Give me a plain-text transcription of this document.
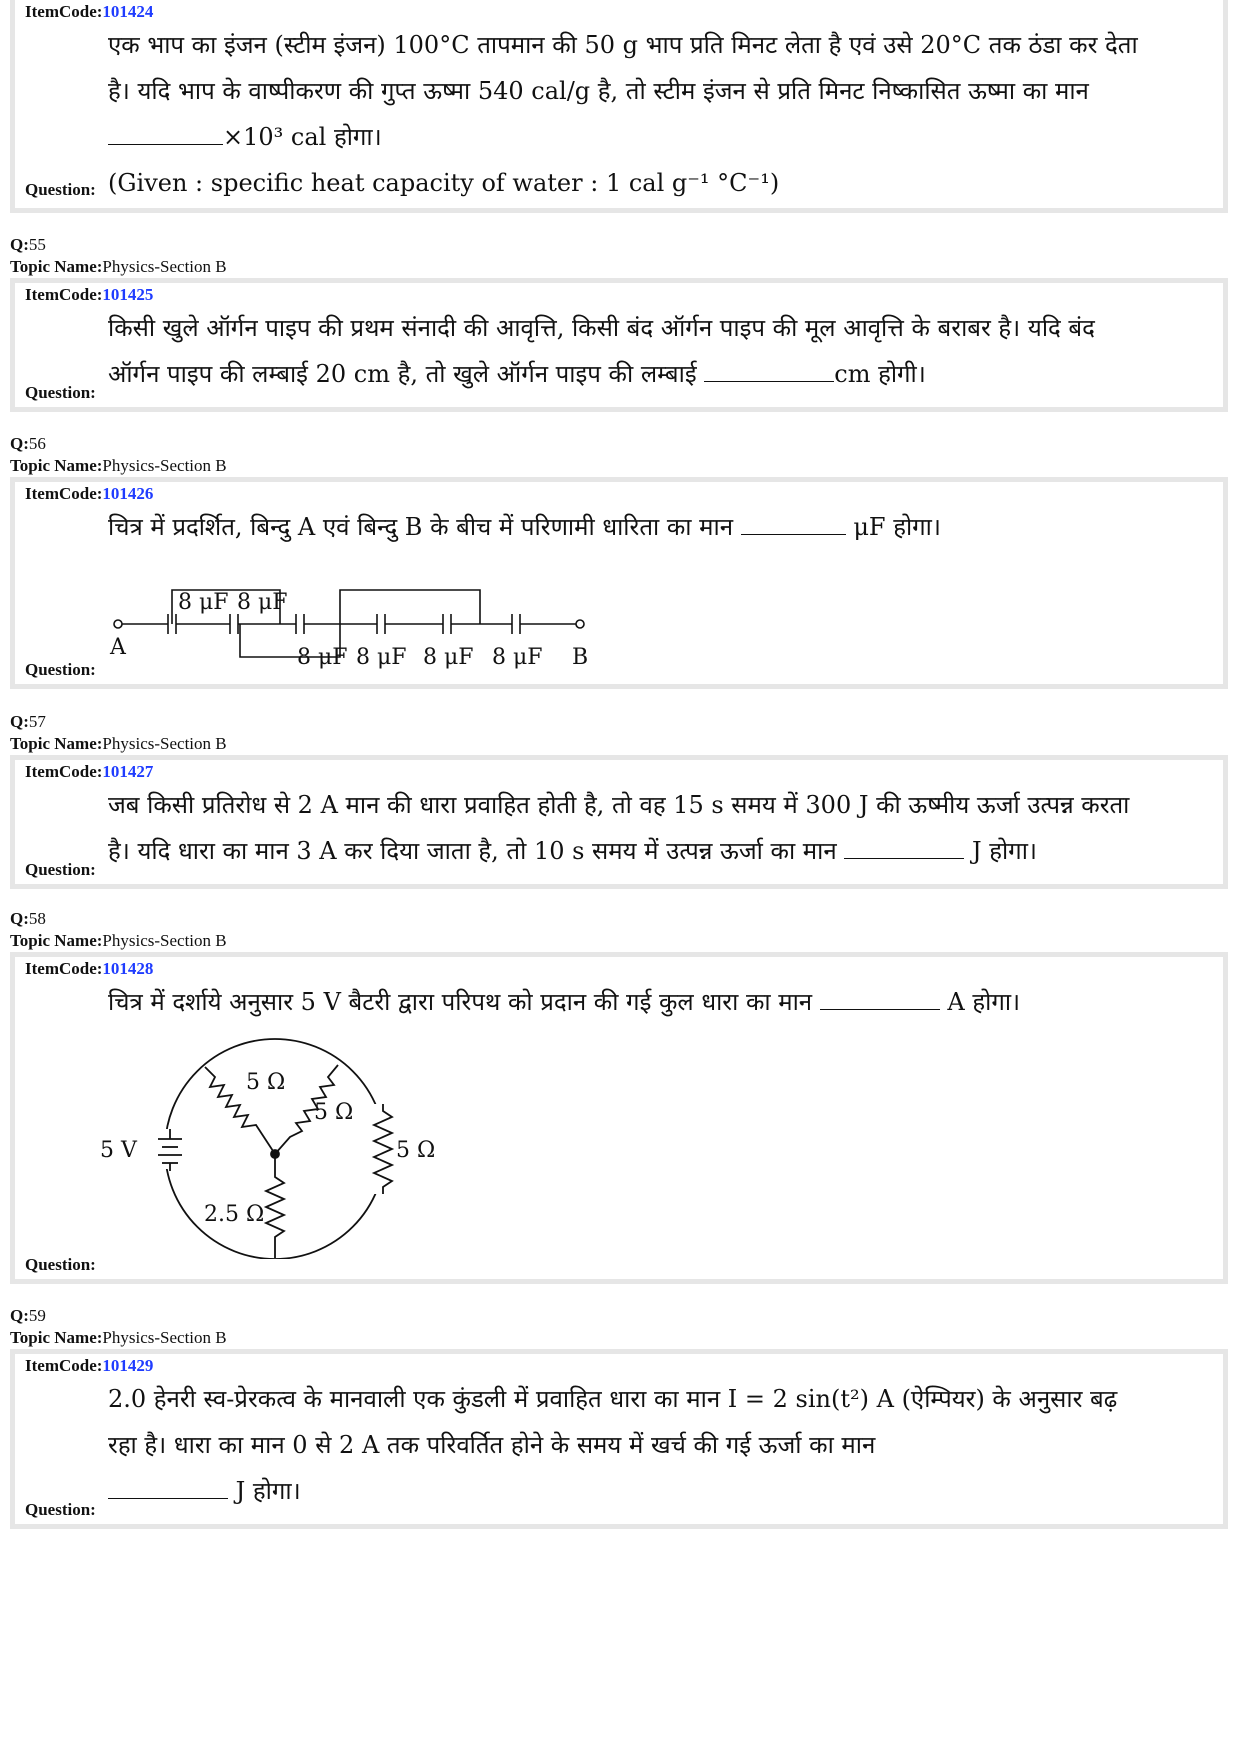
ItemCode:101424

एक भाप का इंजन (स्टीम इंजन) 100°C तापमान की 50 g भाप प्रति मिनट लेता है एवं उसे 20°C तक ठंडा कर देता

है। यदि भाप के वाष्पीकरण की गुप्त ऊष्मा 540 cal/g है, तो स्टीम इंजन से प्रति मिनट निष्कासित ऊष्मा का मान

×10³ cal होगा।

(Given : specific heat capacity of water : 1 cal g⁻¹ °C⁻¹)

Question:
Q:55
Topic Name:Physics-Section B
ItemCode:101425

किसी खुले ऑर्गन पाइप की प्रथम संनादी की आवृत्ति, किसी बंद ऑर्गन पाइप की मूल आवृत्ति के बराबर है। यदि बंद

ऑर्गन पाइप की लम्बाई 20 cm है, तो खुले ऑर्गन पाइप की लम्बाई	cm होगी।

Question:
Q:56
Topic Name:Physics-Section B
ItemCode:101426

चित्र में प्रदर्शित, बिन्दु A एवं बिन्दु B के बीच में परिणामी धारिता का मान	μF होगा।

8 μF 8 μF
8 μF 8 μF 8 μF 8 μF
A	B
Question:
Q:57
Topic Name:Physics-Section B
ItemCode:101427

जब किसी प्रतिरोध से 2 A मान की धारा प्रवाहित होती है, तो वह 15 s समय में 300 J की ऊष्मीय ऊर्जा उत्पन्न करता

है। यदि धारा का मान 3 A कर दिया जाता है, तो 10 s समय में उत्पन्न ऊर्जा का मान	J होगा।

Question:
Q:58
Topic Name:Physics-Section B
ItemCode:101428

चित्र में दर्शाये अनुसार 5 V बैटरी द्वारा परिपथ को प्रदान की गई कुल धारा का मान	A होगा।

5 V
5 Ω
5 Ω
5 Ω
2.5 Ω
Question:
Q:59
Topic Name:Physics-Section B
ItemCode:101429

2.0 हेनरी स्व-प्रेरकत्व के मानवाली एक कुंडली में प्रवाहित धारा का मान I = 2 sin(t²) A (ऐम्पियर) के अनुसार बढ़

रहा है। धारा का मान 0 से 2 A तक परिवर्तित होने के समय में खर्च की गई ऊर्जा का मान

J होगा।

Question:
